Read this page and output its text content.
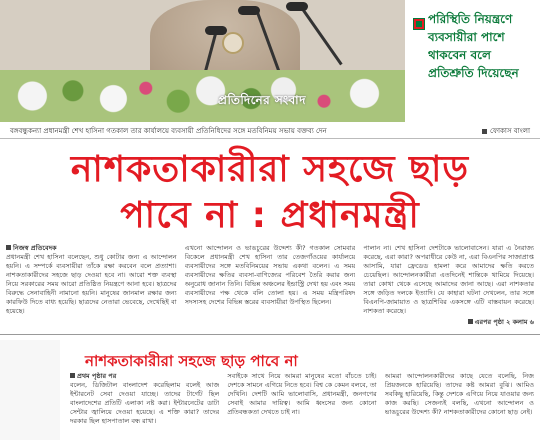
প্রতিদিনের সংবাদ
পরিস্থিতি নিয়ন্ত্রণে ব্যবসায়ীরা পাশে থাকবেন বলে প্রতিশ্রুতি দিয়েছেন
বঙ্গবন্ধুকন্যা প্রধানমন্ত্রী শেখ হাসিনা গতকাল তার কার্যালয়ে ব্যবসায়ী প্রতিনিধিদের সঙ্গে মতবিনিময় সভায় বক্তব্য দেন	ফোকাস বাংলা
নাশকতাকারীরা সহজে ছাড়
পাবে না : প্রধানমন্ত্রী
নিজস্ব প্রতিবেদক
প্রধানমন্ত্রী শেখ হাসিনা বলেছেন, শুধু কোটার জন্য এ আন্দোলন হয়নি। এ সম্পর্কে ব্যবসায়ীরা তাঁকে রক্ষা করবেন বলে প্রত্যাশা। নাশকতাকারীদের সহজে ছাড় দেওয়া হবে না। আরো শক্ত ব্যবস্থা নিয়ে সরকারের সময় আরো প্রতিষ্ঠিত নিয়ন্ত্রণে আনা হবে। ছাত্রদের বিরুদ্ধে সেনাবাহিনী নামানো হয়নি। মানুষের জানমাল রক্ষার জন্য কারফিউ দিতে বাধ্য হয়েছি। ছাত্রদের নেতারা ভেবেছে, দেখেছিই বা হয়েছে।
এখনো আন্দোলন ও ভাঙচুরের উদ্দেশ্য কী? গতকাল সোমবার বিকেলে প্রধানমন্ত্রী শেখ হাসিনা তার তেজগাঁওয়ের কার্যালয়ে ব্যবসায়ীদের সঙ্গে মতবিনিময়ের সভায় একথা বলেন। এ সময় ব্যবসায়ীদের ক্ষতির ব্যবসা-বাণিজ্যের পরিবেশ তৈরি করার জন্য অনুরোধ জানান তিনি। বিভিন্ন অঞ্চলের ইন্ডাস্ট্রি দেখা হয় এবং সময় ব্যবসায়ীদের পক্ষ থেকে বলি তোলা হয়। এ সময় মন্ত্রিপরিষদ সদস্যসহ দেশের বিভিন্ন স্তরের ব্যবসায়ীরা উপস্থিত ছিলেন।
পালান না। শেখ হাসিনা দেশটাকে ভালোবাসেন। যারা এ নৈরাজ্য করেছে, এরা কারা? অপরাধীরে কেউ না, এরা বিএনপির সাজাপ্রাপ্ত আসামি, যারা ফ্রেডেড হামলা করে আমাদের ক্ষতি করতে চেয়েছিল। আন্দোলনকারীরা এতদিনেই শান্তিকে থামিয়ে দিয়েছে। তারা কোথা থেকে এসেছে আমাদের জানা আছে। এরা নাশকতার সঙ্গে জড়িত দলকে ইত্যাদি। যে কাহারা ঘটনা দেখলেন, তার সঙ্গে বিএনপি-জামায়াত ও ছাত্রশিবির একসঙ্গে এটি বাস্তবায়ন করেছে। নাশকতা করেছে।
এরপর পৃষ্ঠা ২ কলাম ৬
নাশকতাকারীরা সহজে ছাড় পাবে না
প্রথম পৃষ্ঠার পর
বলেন, ডিজিটাল বাংলাদেশ করেছিলাম বলেই আজ ইন্টারনেট সেবা দেওয়া যাচ্ছে। তাদের টার্গেট ছিল বাংলাদেশের প্রতিটি এলাকা নষ্ট করা। ইন্টারনেটের ডাটা সেন্টার জ্বালিয়ে দেওয়া হয়েছে। এ শক্তি কারা? তাদের দরকার ছিল হাসপাতাল বন্ধ রাখা।
সবাইকে সাথে নিয়ে আমরা মানুষের মতো বাঁচতে চাই। দেশকে সামনে এগিয়ে নিতে হবে। বিশ্ব কে কেমন বলবে, তা দেখিনি। দেশটি আমি ভালোবাসি, প্রধানমন্ত্রী, জনগণের সেবাই আমার দায়িত্ব। আমি ধ্বংসের জন্য কোনো প্রতিবন্ধকতা দেখতে চাই না।
আমরা আন্দোলনকারীদের কাছে যেতে বলেছি, নিজ প্রিয়জনকে হারিয়েছি। তাদের কষ্ট আমরা বুঝি। আমিও সবকিছু হারিয়েছি, কিন্তু দেশকে এগিয়ে নিয়ে যাওয়ার জন্য কাজ করছি। সেজন্যই বলছি, এখনো আন্দোলন ও ভাঙচুরের উদ্দেশ্য কী? নাশকতাকারীদের কোনো ছাড় নেই।
